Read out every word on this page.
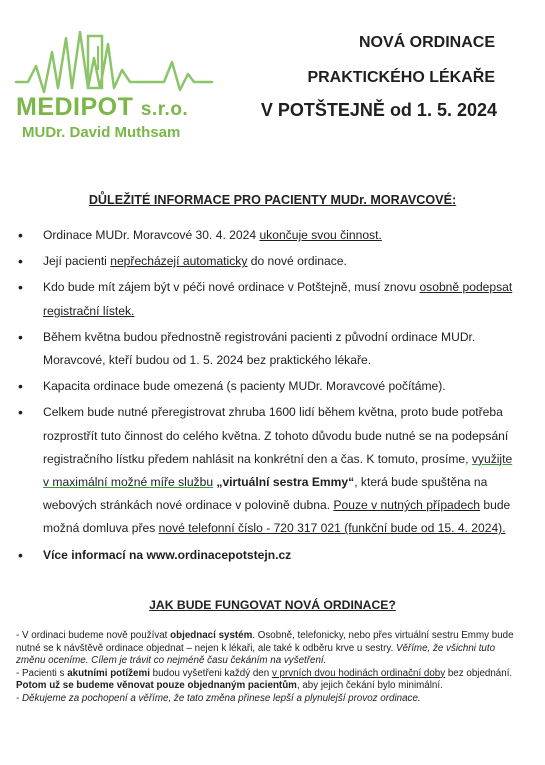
MEDIPOT s.r.o.
MUDr. David Muthsam
NOVÁ ORDINACE
PRAKTICKÉHO LÉKAŘE
V POTŠTEJNĚ od 1. 5. 2024
DŮLEŽITÉ INFORMACE PRO PACIENTY MUDr. MORAVCOVÉ:
• Ordinace MUDr. Moravcové 30. 4. 2024 ukončuje svou činnost.
• Její pacienti nepřecházejí automaticky do nové ordinace.
• Kdo bude mít zájem být v péči nové ordinace v Potštejně, musí znovu osobně podepsat registrační lístek.
• Během května budou přednostně registrováni pacienti z původní ordinace MUDr. Moravcové, kteří budou od 1. 5. 2024 bez praktického lékaře.
• Kapacita ordinace bude omezená (s pacienty MUDr. Moravcové počítáme).
• Celkem bude nutné přeregistrovat zhruba 1600 lidí během května, proto bude potřeba rozprostřít tuto činnost do celého května. Z tohoto důvodu bude nutné se na podepsání registračního lístku předem nahlásit na konkrétní den a čas. K tomuto, prosíme, využijte v maximální možné míře službu „virtuální sestra Emmy“, která bude spuštěna na webových stránkách nové ordinace v polovině dubna. Pouze v nutných případech bude možná domluva přes nové telefonní číslo - 720 317 021 (funkční bude od 15. 4. 2024).
• Více informací na www.ordinacepotstejn.cz
JAK BUDE FUNGOVAT NOVÁ ORDINACE?

- V ordinaci budeme nově používat objednací systém. Osobně, telefonicky, nebo přes virtuální sestru Emmy bude nutné se k návštěvě ordinace objednat – nejen k lékaři, ale také k odběru krve u sestry. Věříme, že všichni tuto změnu oceníme. Cílem je trávit co nejméně času čekáním na vyšetření.

- Pacienti s akutními potížemi budou vyšetřeni každý den v prvních dvou hodinách ordinační doby bez objednání. Potom už se budeme věnovat pouze objednaným pacientům, aby jejich čekání bylo minimální.

- Děkujeme za pochopení a věříme, že tato změna přinese lepší a plynulejší provoz ordinace.
